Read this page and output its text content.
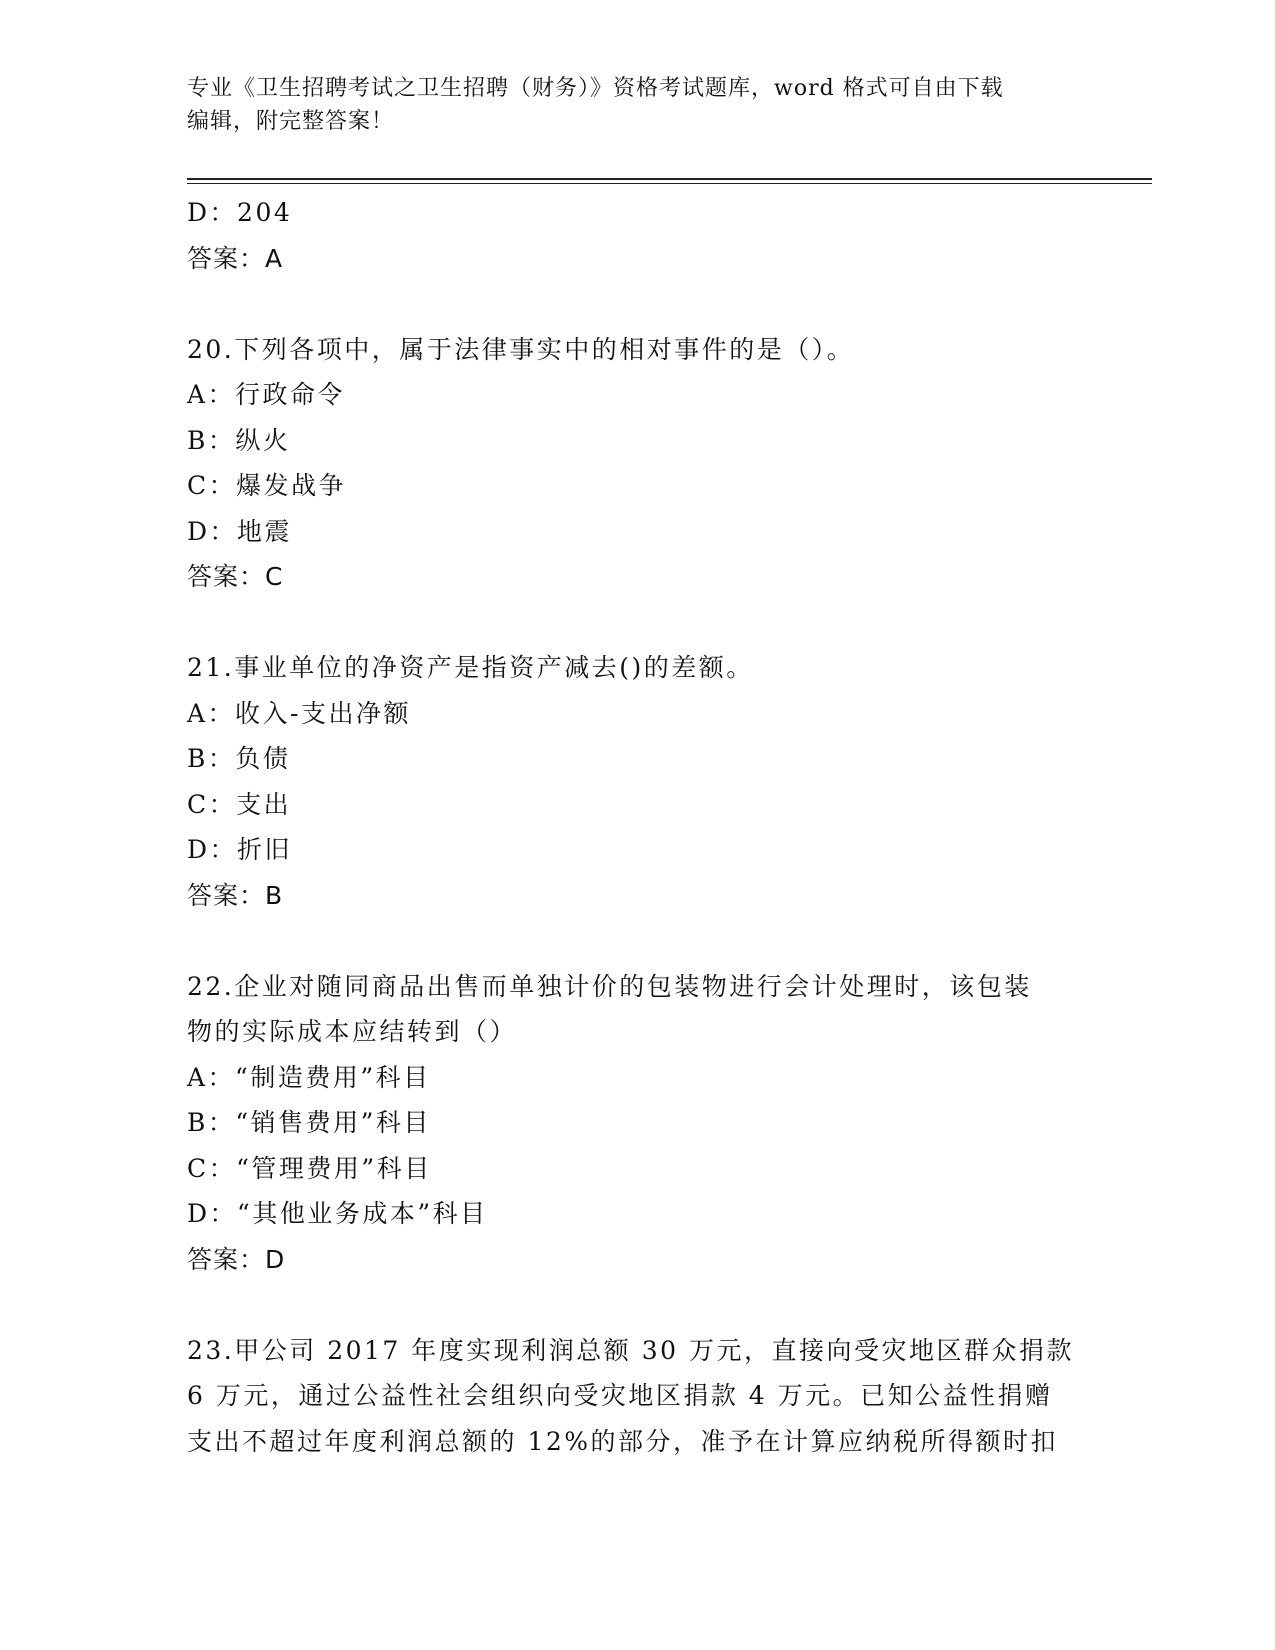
专业《卫生招聘考试之卫生招聘（财务）》资格考试题库，word 格式可自由下载
编辑，附完整答案！
D：204
答案：A
20.下列各项中，属于法律事实中的相对事件的是（）。
A：行政命令
B：纵火
C：爆发战争
D：地震
答案：C
21.事业单位的净资产是指资产减去()的差额。
A：收入-支出净额
B：负债
C：支出
D：折旧
答案：B
22.企业对随同商品出售而单独计价的包装物进行会计处理时，该包装
物的实际成本应结转到（）
A：“制造费用”科目
B：“销售费用”科目
C：“管理费用”科目
D：“其他业务成本”科目
答案：D
23.甲公司 2017 年度实现利润总额 30 万元，直接向受灾地区群众捐款
6 万元，通过公益性社会组织向受灾地区捐款 4 万元。已知公益性捐赠
支出不超过年度利润总额的 12%的部分，准予在计算应纳税所得额时扣
